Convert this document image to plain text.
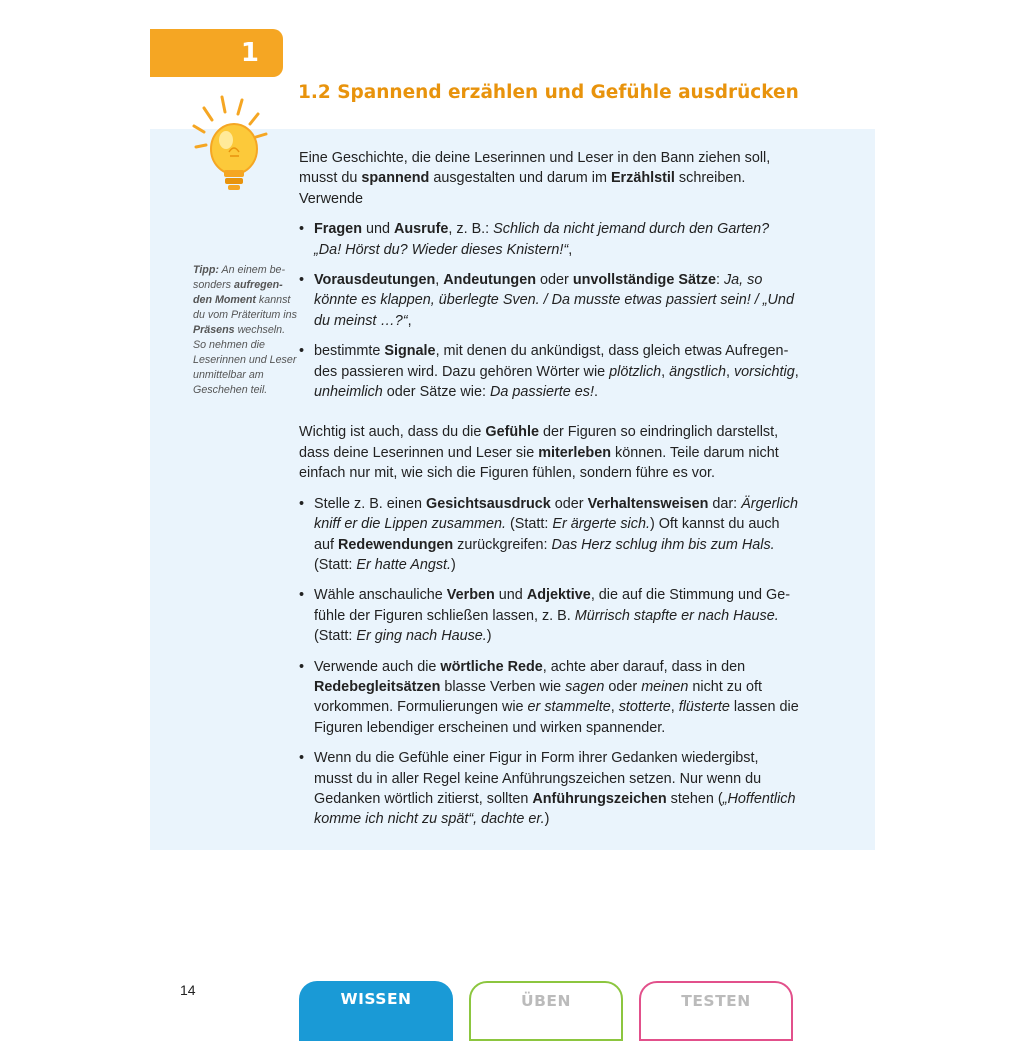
1
1.2 Spannend erzählen und Gefühle ausdrücken
Tipp: An einem besonders aufregenden Moment kannst du vom Präteritum ins Präsens wechseln. So nehmen die Leserinnen und Leser unmittelbar am Geschehen teil.

Eine Geschichte, die deine Leserinnen und Leser in den Bann ziehen soll, musst du spannend ausgestalten und darum im Erzählstil schreiben. Verwende

• Fragen und Ausrufe, z. B.: Schlich da nicht jemand durch den Garten? „Da! Hörst du? Wieder dieses Knistern!“,
• Vorausdeutungen, Andeutungen oder unvollständige Sätze: Ja, so könnte es klappen, überlegte Sven. / Da musste etwas passiert sein! / „Und du meinst …?“,
• bestimmte Signale, mit denen du ankündigst, dass gleich etwas Aufregendes passieren wird. Dazu gehören Wörter wie plötzlich, ängstlich, vorsichtig, unheimlich oder Sätze wie: Da passierte es!.

Wichtig ist auch, dass du die Gefühle der Figuren so eindringlich darstellst, dass deine Leserinnen und Leser sie miterleben können. Teile darum nicht einfach nur mit, wie sich die Figuren fühlen, sondern führe es vor.

• Stelle z. B. einen Gesichtsausdruck oder Verhaltensweisen dar: Ärgerlich kniff er die Lippen zusammen. (Statt: Er ärgerte sich.) Oft kannst du auch auf Redewendungen zurückgreifen: Das Herz schlug ihm bis zum Hals. (Statt: Er hatte Angst.)
• Wähle anschauliche Verben und Adjektive, die auf die Stimmung und Gefühle der Figuren schließen lassen, z. B. Mürrisch stapfte er nach Hause. (Statt: Er ging nach Hause.)
• Verwende auch die wörtliche Rede, achte aber darauf, dass in den Redebegleitsätzen blasse Verben wie sagen oder meinen nicht zu oft vorkommen. Formulierungen wie er stammelte, stotterte, flüsterte lassen die Figuren lebendiger erscheinen und wirken spannender.
• Wenn du die Gefühle einer Figur in Form ihrer Gedanken wiedergibst, musst du in aller Regel keine Anführungszeichen setzen. Nur wenn du Gedanken wörtlich zitierst, sollten Anführungszeichen stehen („Hoffentlich komme ich nicht zu spät“, dachte er.)
14	WISSEN	ÜBEN	TESTEN
